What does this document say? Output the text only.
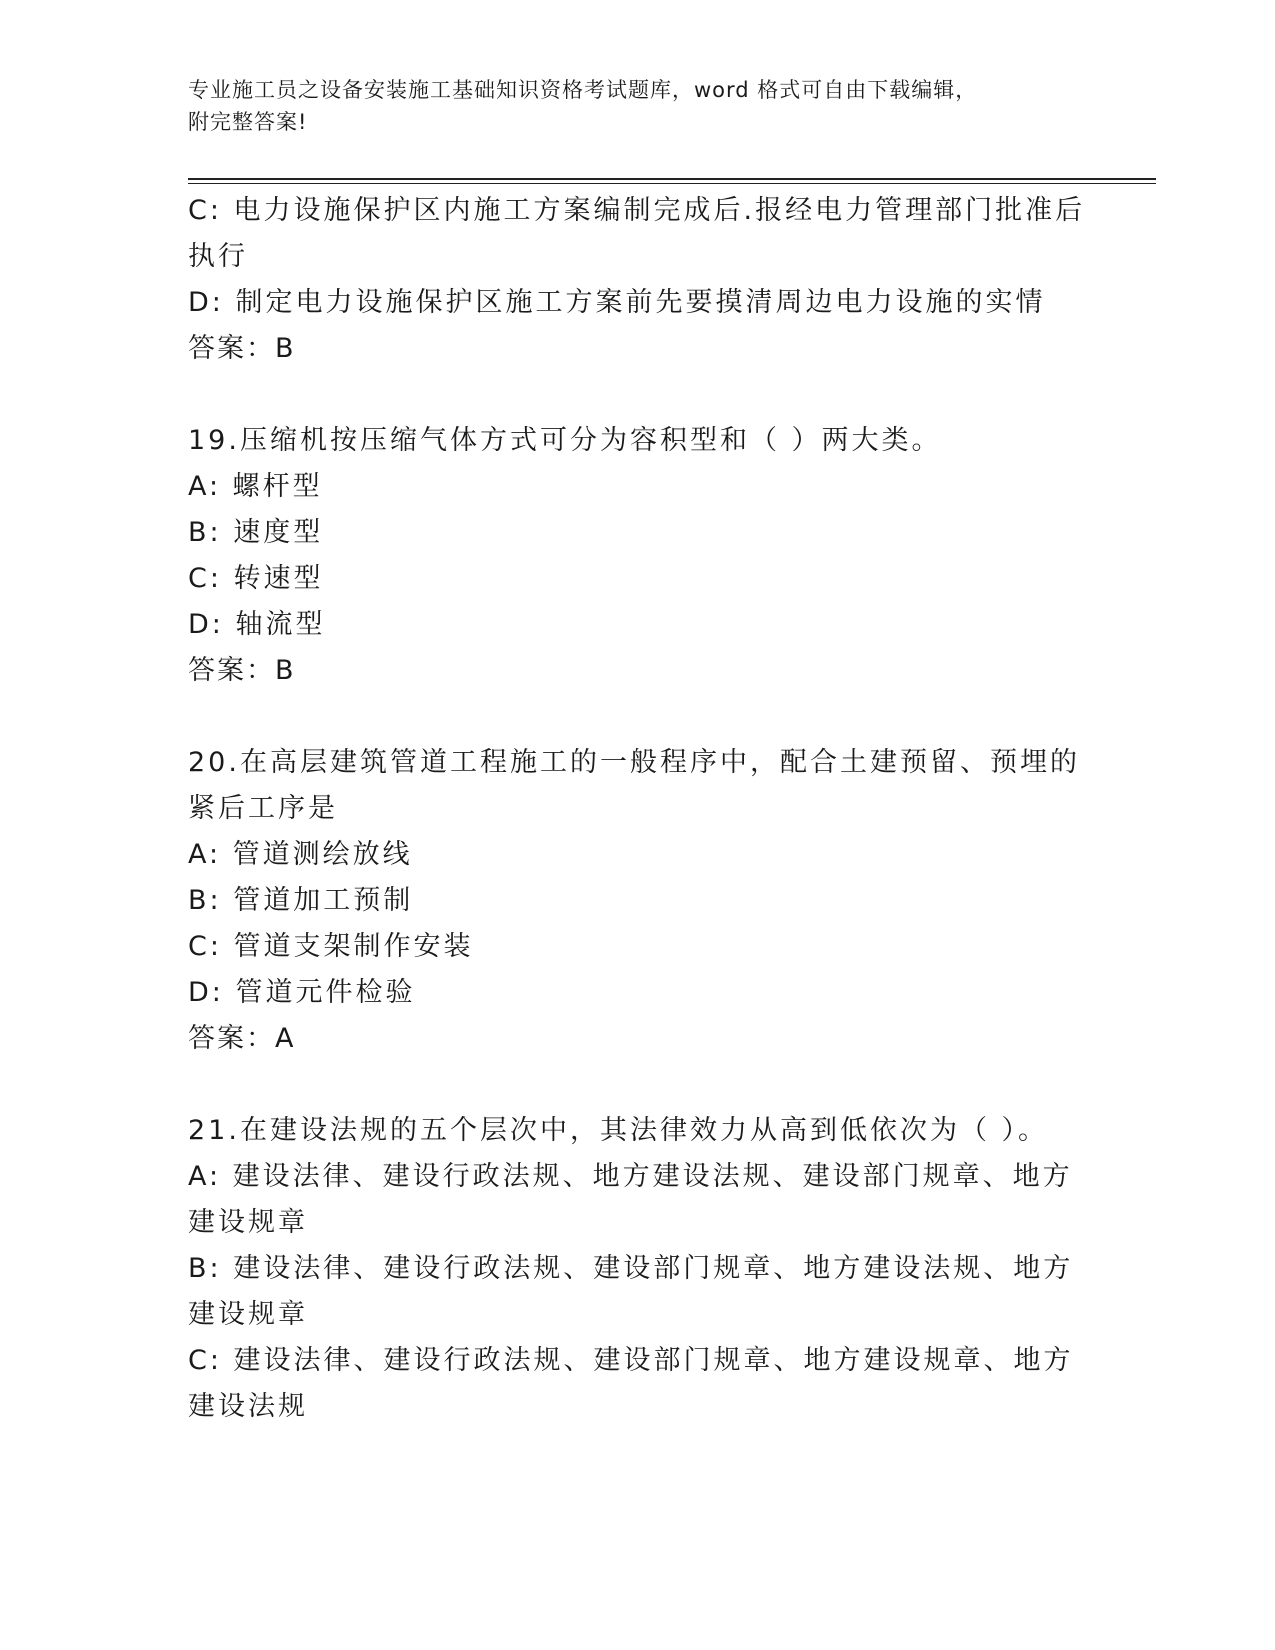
专业施工员之设备安装施工基础知识资格考试题库，word 格式可自由下载编辑，
附完整答案!

C: 电力设施保护区内施工方案编制完成后.报经电力管理部门批准后执行

D: 制定电力设施保护区施工方案前先要摸清周边电力设施的实情

答案：B

19.压缩机按压缩气体方式可分为容积型和（ ）两大类。

A: 螺杆型

B: 速度型

C: 转速型

D: 轴流型

答案：B

20.在高层建筑管道工程施工的一般程序中，配合土建预留、预埋的紧后工序是

A: 管道测绘放线

B: 管道加工预制

C: 管道支架制作安装

D: 管道元件检验

答案：A

21.在建设法规的五个层次中，其法律效力从高到低依次为（ ）。

A: 建设法律、建设行政法规、地方建设法规、建设部门规章、地方建设规章

B: 建设法律、建设行政法规、建设部门规章、地方建设法规、地方建设规章

C: 建设法律、建设行政法规、建设部门规章、地方建设规章、地方建设法规
